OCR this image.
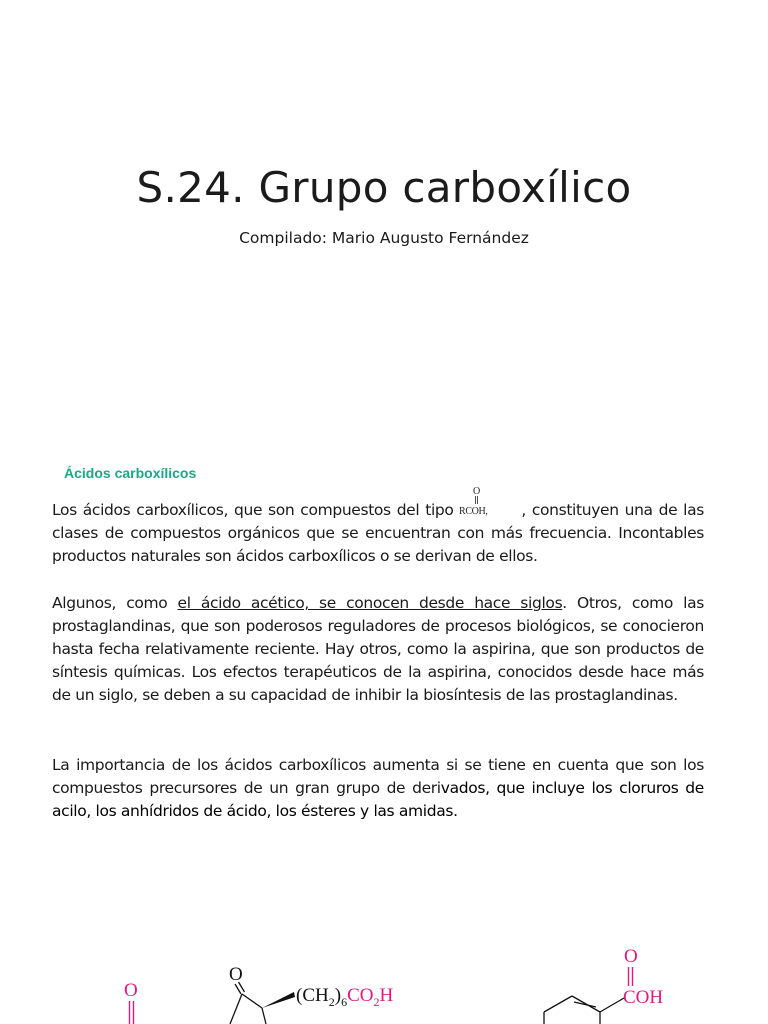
S.24. Grupo carboxílico
Compilado: Mario Augusto Fernández
Ácidos carboxílicos
Los ácidos carboxílicos, que son compuestos del tipo
O
RCOH, , constituyen una de las clases de compuestos orgánicos que se encuentran con más frecuencia. Incontables productos naturales son ácidos carboxílicos o se derivan de ellos.
Algunos, como el ácido acético, se conocen desde hace siglos. Otros, como las prostaglandinas, que son poderosos reguladores de procesos biológicos, se conocieron hasta fecha relativamente reciente. Hay otros, como la aspirina, que son productos de síntesis químicas. Los efectos terapéuticos de la aspirina, conocidos desde hace más de un siglo, se deben a su capacidad de inhibir la biosíntesis de las prostaglandinas.
La importancia de los ácidos carboxílicos aumenta si se tiene en cuenta que son los compuestos precursores de un gran grupo de derivados, que incluye los cloruros de acilo, los anhídridos de ácido, los ésteres y las amidas.
O
O
$(CH_2)_6CO_2H$
O
COH
